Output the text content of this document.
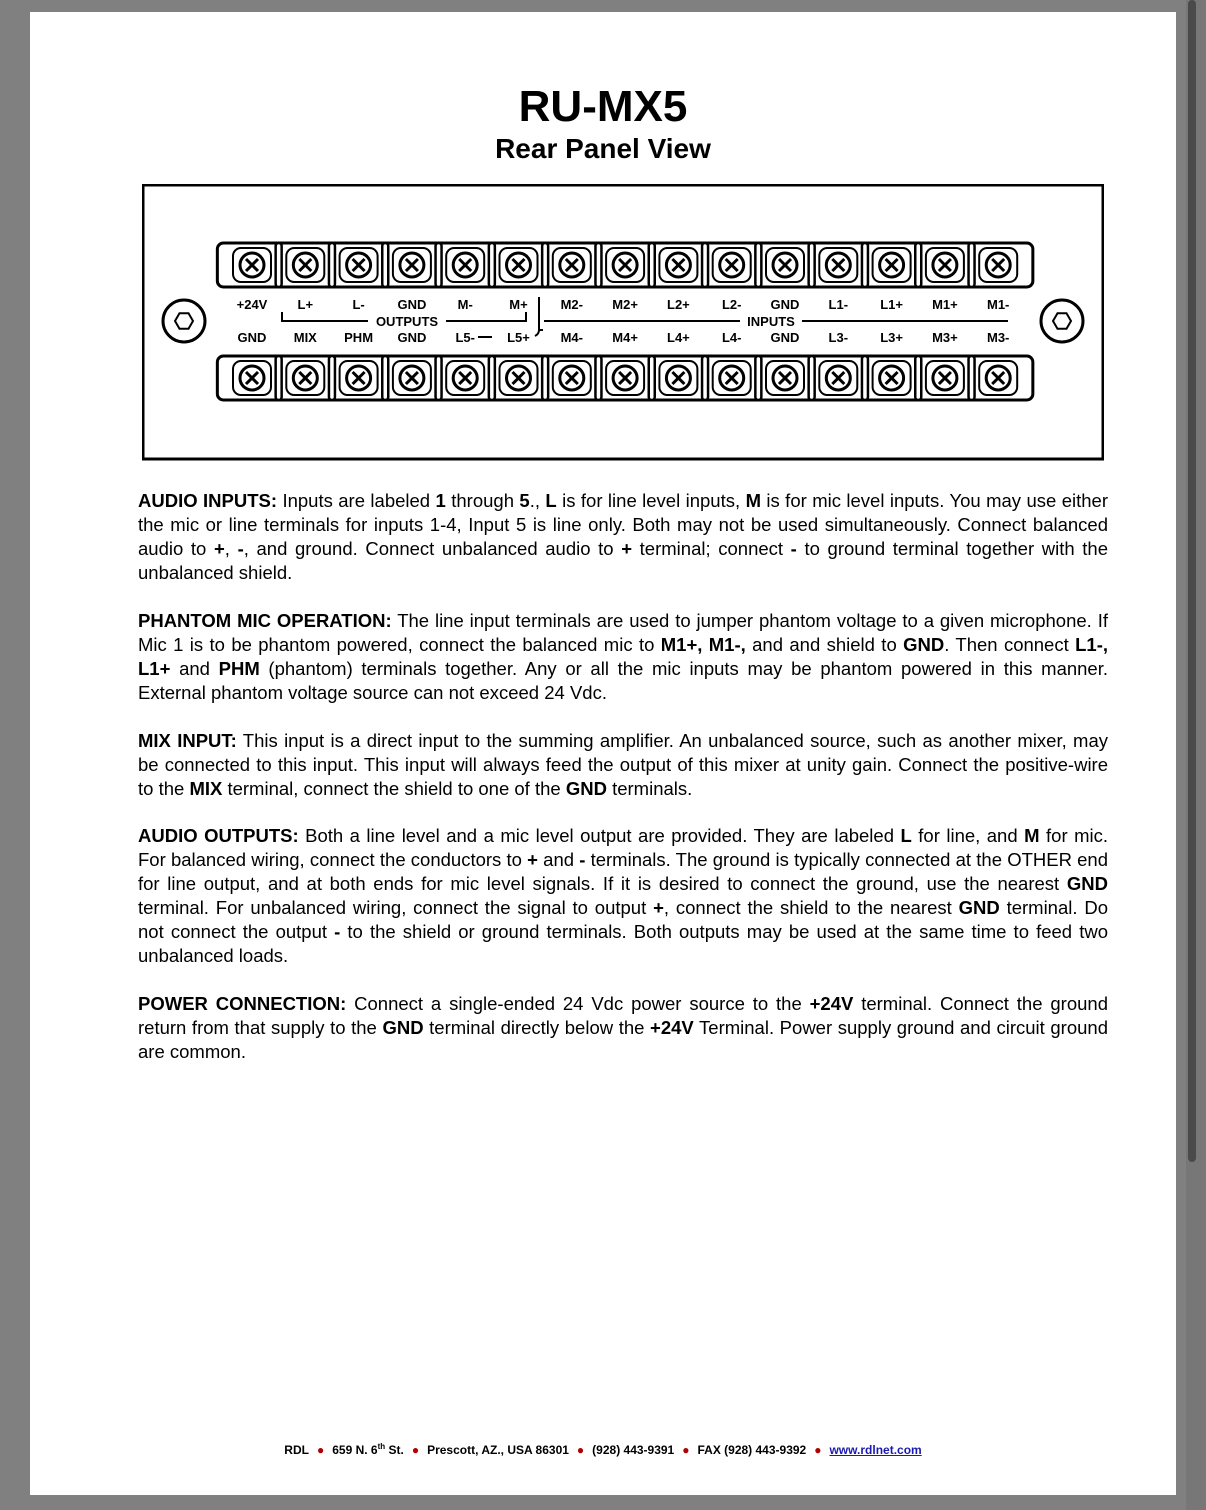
RU-MX5
Rear Panel View
+24V L+	L-	GND M-	M+	M2- M2+ L2+ L2- GND L1- L1+ M1+ M1-
GND MIX PHM GND L5- L5+ M4- M4+ L4+ L4- GND L3- L3+ M3+ M3-
OUTPUTS	INPUTS

AUDIO INPUTS: Inputs are labeled 1 through 5., L is for line level inputs, M is for mic level inputs. You may use either the mic or line terminals for inputs 1-4, Input 5 is line only. Both may not be used simultaneously. Connect balanced audio to +, -, and ground. Connect unbalanced audio to + terminal; connect - to ground terminal together with the unbalanced shield.

PHANTOM MIC OPERATION: The line input terminals are used to jumper phantom voltage to a given microphone. If Mic 1 is to be phantom powered, connect the balanced mic to M1+, M1-, and and shield to GND. Then connect L1-, L1+ and PHM (phantom) terminals together. Any or all the mic inputs may be phantom powered in this manner. External phantom voltage source can not exceed 24 Vdc.

MIX INPUT: This input is a direct input to the summing amplifier. An unbalanced source, such as another mixer, may be connected to this input. This input will always feed the output of this mixer at unity gain. Connect the positive-wire to the MIX terminal, connect the shield to one of the GND terminals.

AUDIO OUTPUTS: Both a line level and a mic level output are provided. They are labeled L for line, and M for mic. For balanced wiring, connect the conductors to + and - terminals. The ground is typically connected at the OTHER end for line output, and at both ends for mic level signals. If it is desired to connect the ground, use the nearest GND terminal. For unbalanced wiring, connect the signal to output +, connect the shield to the nearest GND terminal. Do not connect the output - to the shield or ground terminals. Both outputs may be used at the same time to feed two unbalanced loads.

POWER CONNECTION: Connect a single-ended 24 Vdc power source to the +24V terminal. Connect the ground return from that supply to the GND terminal directly below the +24V Terminal. Power supply ground and circuit ground are common.

RDL ● 659 N. 6th St. ● Prescott, AZ., USA 86301 ● (928) 443-9391 ● FAX (928) 443-9392 ● www.rdlnet.com
